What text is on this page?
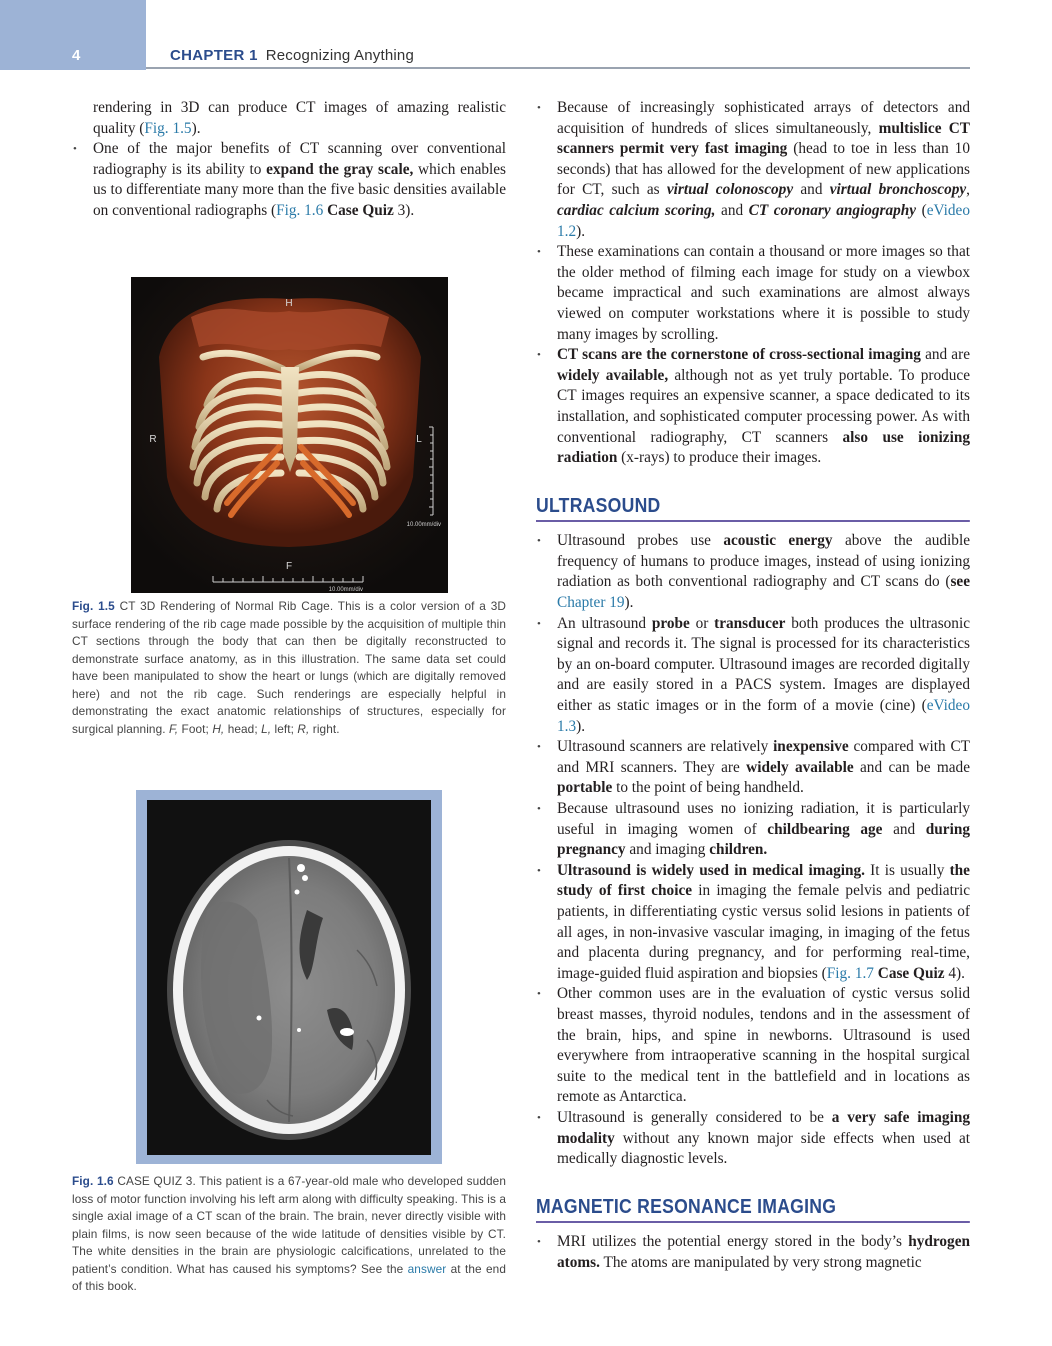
4	CHAPTER 1 Recognizing Anything

rendering in 3D can produce CT images of amazing realistic quality (Fig. 1.5).

• One of the major benefits of CT scanning over conventional radiography is its ability to expand the gray scale, which enables us to differentiate many more than the five basic densities available on conventional radiographs (Fig. 1.6 Case Quiz 3).
H
R	L
F
10.00mm/div
10.00mm/div
Fig. 1.5 CT 3D Rendering of Normal Rib Cage. This is a color version of a 3D surface rendering of the rib cage made possible by the acquisition of multiple thin CT sections through the body that can then be digitally reconstructed to demonstrate surface anatomy, as in this illustration. The same data set could have been manipulated to show the heart or lungs (which are digitally removed here) and not the rib cage. Such renderings are especially helpful in demonstrating the exact anatomic relationships of structures, especially for surgical planning. F, Foot; H, head; L, left; R, right.
Fig. 1.6 CASE QUIZ 3. This patient is a 67-year-old male who developed sudden loss of motor function involving his left arm along with difficulty speaking. This is a single axial image of a CT scan of the brain. The brain, never directly visible with plain films, is now seen because of the wide latitude of densities visible by CT. The white densities in the brain are physiologic calcifications, unrelated to the patient’s condition. What has caused his symptoms? See the answer at the end of this book.
• Because of increasingly sophisticated arrays of detectors and acquisition of hundreds of slices simultaneously, multislice CT scanners permit very fast imaging (head to toe in less than 10 seconds) that has allowed for the development of new applications for CT, such as virtual colonoscopy and virtual bronchoscopy, cardiac calcium scoring, and CT coronary angiography (eVideo 1.2).
• These examinations can contain a thousand or more images so that the older method of filming each image for study on a viewbox became impractical and such examinations are almost always viewed on computer workstations where it is possible to study many images by scrolling.
• CT scans are the cornerstone of cross-sectional imaging and are widely available, although not as yet truly portable. To produce CT images requires an expensive scanner, a space dedicated to its installation, and sophisticated computer processing power. As with conventional radiography, CT scanners also use ionizing radiation (x-rays) to produce their images.
ULTRASOUND
• Ultrasound probes use acoustic energy above the audible frequency of humans to produce images, instead of using ionizing radiation as both conventional radiography and CT scans do (see Chapter 19).
• An ultrasound probe or transducer both produces the ultrasonic signal and records it. The signal is processed for its characteristics by an on-board computer. Ultrasound images are recorded digitally and are easily stored in a PACS system. Images are displayed either as static images or in the form of a movie (cine) (eVideo 1.3).
• Ultrasound scanners are relatively inexpensive compared with CT and MRI scanners. They are widely available and can be made portable to the point of being handheld.
• Because ultrasound uses no ionizing radiation, it is particularly useful in imaging women of childbearing age and during pregnancy and imaging children.
• Ultrasound is widely used in medical imaging. It is usually the study of first choice in imaging the female pelvis and pediatric patients, in differentiating cystic versus solid lesions in patients of all ages, in non-invasive vascular imaging, in imaging of the fetus and placenta during pregnancy, and for performing real-time, image-guided fluid aspiration and biopsies (Fig. 1.7 Case Quiz 4).
• Other common uses are in the evaluation of cystic versus solid breast masses, thyroid nodules, tendons and in the assessment of the brain, hips, and spine in newborns. Ultrasound is used everywhere from intraoperative scanning in the hospital surgical suite to the medical tent in the battlefield and in locations as remote as Antarctica.
• Ultrasound is generally considered to be a very safe imaging modality without any known major side effects when used at medically diagnostic levels.
MAGNETIC RESONANCE IMAGING
• MRI utilizes the potential energy stored in the body’s hydrogen atoms. The atoms are manipulated by very strong magnetic
